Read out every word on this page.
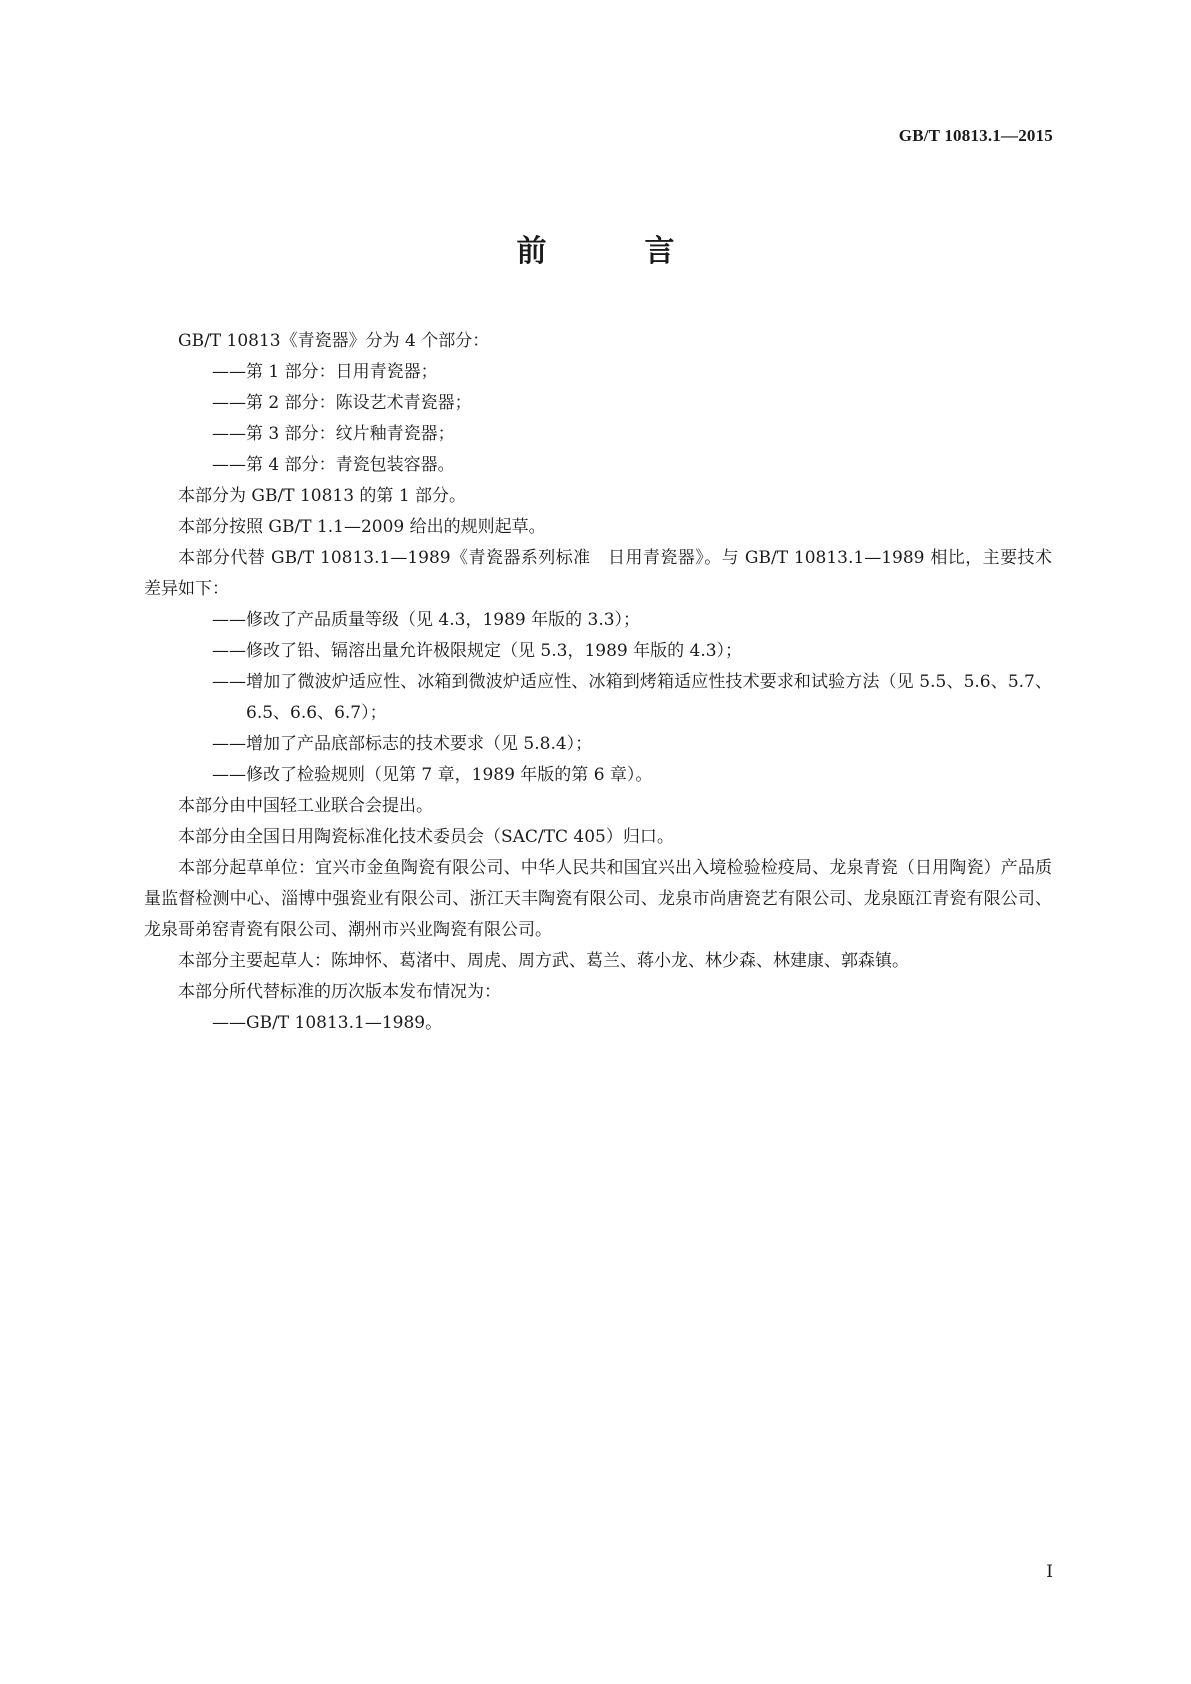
GB/T 10813.1—2015
前　言

GB/T 10813《青瓷器》分为 4 个部分：

——第 1 部分：日用青瓷器；

——第 2 部分：陈设艺术青瓷器；

——第 3 部分：纹片釉青瓷器；

——第 4 部分：青瓷包装容器。

本部分为 GB/T 10813 的第 1 部分。

本部分按照 GB/T 1.1—2009 给出的规则起草。

本部分代替 GB/T 10813.1—1989《青瓷器系列标准　日用青瓷器》。与 GB/T 10813.1—1989 相比，主要技术差异如下：

——修改了产品质量等级（见 4.3，1989 年版的 3.3）；

——修改了铅、镉溶出量允许极限规定（见 5.3，1989 年版的 4.3）；

——增加了微波炉适应性、冰箱到微波炉适应性、冰箱到烤箱适应性技术要求和试验方法（见 5.5、5.6、5.7、6.5、6.6、6.7）；

——增加了产品底部标志的技术要求（见 5.8.4）；

——修改了检验规则（见第 7 章，1989 年版的第 6 章）。

本部分由中国轻工业联合会提出。

本部分由全国日用陶瓷标准化技术委员会（SAC/TC 405）归口。

本部分起草单位：宜兴市金鱼陶瓷有限公司、中华人民共和国宜兴出入境检验检疫局、龙泉青瓷（日用陶瓷）产品质量监督检测中心、淄博中强瓷业有限公司、浙江天丰陶瓷有限公司、龙泉市尚唐瓷艺有限公司、龙泉瓯江青瓷有限公司、龙泉哥弟窑青瓷有限公司、潮州市兴业陶瓷有限公司。

本部分主要起草人：陈坤怀、葛渚中、周虎、周方武、葛兰、蒋小龙、林少森、林建康、郭森镇。

本部分所代替标准的历次版本发布情况为：

——GB/T 10813.1—1989。

I
